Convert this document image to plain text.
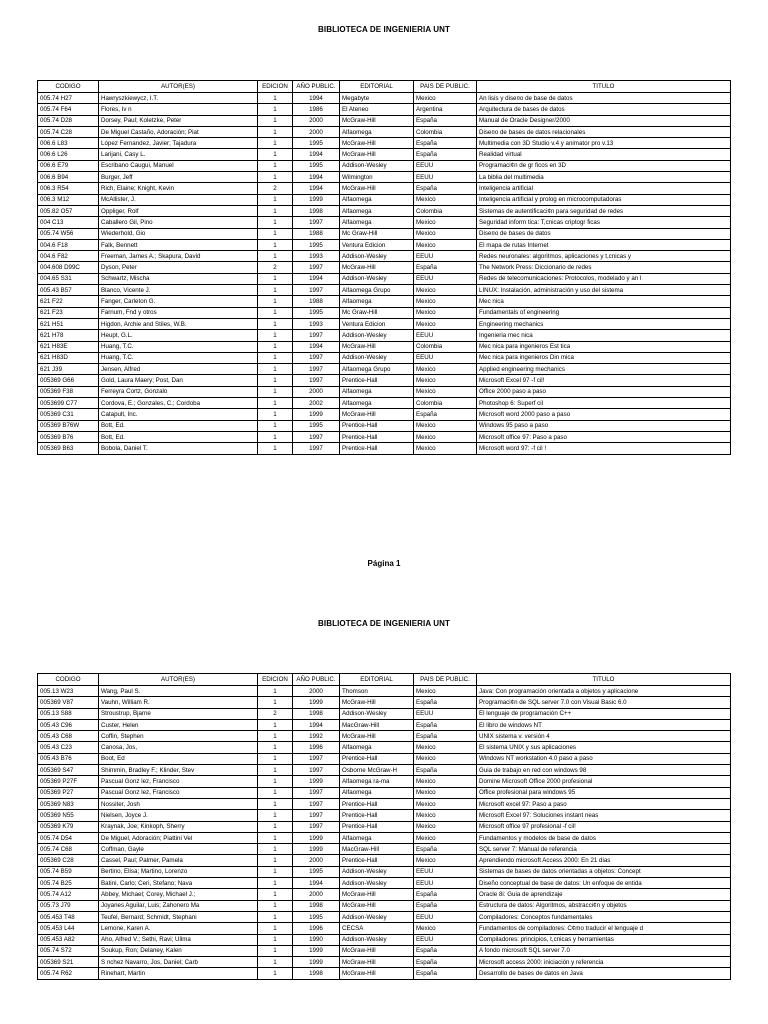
BIBLIOTECA DE INGENIERIA UNT
CODIGO	AUTOR(ES)	EDICION	AÑO PUBLIC.	EDITORIAL	PAIS DE PUBLIC.	TITULO
005.74 H27	Hawryszkiewycz, I.T.	1	1994	Megabyte	Mexico	An lisis y dise¤o de base de datos
005.74 F64	Flores, Iv n	1	1986	El Ateneo	Argentina	Arquitectura de bases de datos
005.74 D28	Dorsey, Paul; Koletzke, Peter	1	2000	McGraw-Hill	España	Manual de Oracle Designer/2000
005.74 C28	De Miguel Castaño, Adoración; Piat	1	2000	Alfaomega	Colombia	Dise¤o de bases de datos relacionales
006.6 L83	López Fernandez, Javier; Tajadura	1	1995	McGraw-Hill	España	Multimedia con 3D Studio v.4 y animator pro v.13
006.6 L26	Larijani, Casy L.	1	1994	McGraw-Hill	España	Realidad virtual
006.6 E79	Escribano Caugui, Manuel	1	1995	Addison-Wesley	EEUU	Programaci¢n de gr ficos en 3D
006.6 B94	Burger, Jeff	1	1994	Wilmington	EEUU	La biblia del multimedia
006.3 R54	Rich, Elaine; Knight, Kevin	2	1994	McGraw-Hill	España	Inteligencia artificial
006.3 M12	McAllister, J.	1	1999	Alfaomega	Mexico	Inteligencia artificial y prolog en microcomputadoras
005.82 O57	Oppliger, Rolf	1	1998	Alfaomega	Colombia	Sistemas de autentificaci¢n para seguridad de redes
004 C13	Caballero Gil, Pino	1	1997	Alfaomega	Mexico	Seguridad inform tica: T,cnicas criptogr ficas
005.74 W56	Wiederhold, Gio	1	1988	Mc Graw-Hill	Mexico	Dise¤o de bases de datos
004.6 F18	Falk, Bennett	1	1995	Ventura Edicion	Mexico	El mapa de rutas Internet
004.6 F82	Freeman, James A.; Skapura, David	1	1993	Addison-Wesley	EEUU	Redes neuronales: algoritmos, aplicaciones y t,cnicas y
004.608 D99C	Dyson, Peter	2	1997	McGraw-Hill	España	The Network Press: Diccionario de redes
004.65 S31	Schwartz, Mischa	1	1994	Addison-Wesley	EEUU	Redes de telecomunicaciones: Protocolos, modelado y an l
005.43 B57	Blanco, Vicente J.	1	1997	Alfaomega Grupo	Mexico	LINUX: Instalación, administración y uso del sistema
621 F22	Fanger, Carleton G.	1	1988	Alfaomega	Mexico	Mec nica
621 F23	Farnum, Fnd y otros	1	1995	Mc Graw-Hill	Mexico	Fundamentals of engineering
621 H51	Higdon, Archie and Stiles, W.B.	1	1993	Ventura Edicion	Mexico	Engineering mechanics
621 H78	Heupt, G.L.	1	1997	Addison-Wesley	EEUU	Ingenieria mec nica
621 H83E	Huang, T.C.	1	1994	McGraw-Hill	Colombia	Mec nica para ingenieros Est tica
621 H83D	Huang, T.C.	1	1997	Addison-Wesley	EEUU	Mec nica para ingenieros Din mica
621 J39	Jensen, Alfred	1	1997	Alfaomega Grupo	Mexico	Applied engineering mechanics
005369 G66	Gold, Laura Maery; Post, Dan	1	1997	Prentice-Hall	Mexico	Microsoft Excel 97 -f cil!
005369 F38	Ferreyra Cortz, Gonzalo	1	2000	Alfaomega	Mexico	Office 2000 paso a paso
0053699 C77	Cordova, E.; Gonzales, C.; Cordoba	1	2002	Alfaomega	Colombia	Photoshop 6: Superf cil
005369 C31	Catapult, Inc.	1	1999	McGraw-Hill	España	Microsoft word 2000 paso a paso
005369 B76W	Bott, Ed.	1	1995	Prentice-Hall	Mexico	Windows 95 paso a paso
005369 B76	Bott, Ed.	1	1997	Prentice-Hall	Mexico	Microsoft office 97: Paso a paso
005369 B63	Bobola, Daniel T.	1	1997	Prentice-Hall	Mexico	Microsoft word 97: -f cil !
Página 1
BIBLIOTECA DE INGENIERIA UNT
CODIGO	AUTOR(ES)	EDICION	AÑO PUBLIC.	EDITORIAL	PAIS DE PUBLIC.	TITULO
005.13 W23	Wang, Paul S.	1	2000	Thomson	Mexico	Java: Con programación orientada a objetos y aplicacione
005369 V87	Vauhn, William R.	1	1999	McGraw-Hill	España	Programaci¢n de SQL server 7.0 con Visual Basic 6.0
005.13 S88	Stroustrup, Bjarne	2	1998	Addison-Wesley	EEUU	El lenguaje de programación C++
005.43 C96	Custer, Helen	1	1994	MacGraw-Hill	España	El libro de windows NT
005.43 C68	Coffin, Stephen	1	1992	McGraw-Hill	España	UNIX sistema v. versión 4
005.43 C23	Canosa, Jos,	1	1996	Alfaomega	Mexico	El sistema UNIX y sus aplicaciones
005.43 B76	Boot, Ed	1	1997	Prentice-Hall	Mexico	Windows NT workstation 4.0 paso a paso
005369 S47	Shimmin, Bradley F.; Klinder, Stev	1	1997	Osborne McGraw-H	España	Guia de trabajo en red con windows 98
005369 P27F	Pascual Gonz lez, Francisco	1	1999	Alfaomega ra-ma	Mexico	Domine Microsoft Office 2000 profesional
005369 P27	Pascual Gonz lez, Francisco	1	1997	Alfaomega	Mexico	Office profesional para windows 95
005369 N83	Nossiter, Josh	1	1997	Prentice-Hall	Mexico	Microsoft excel 97: Paso a paso
005369 N55	Nielsen, Joyce J.	1	1997	Prentice-Hall	Mexico	Microsoft Excel 97: Soluciones instant neas
005369 K79	Kraynak, Joe; Kinkoph, Sherry	1	1997	Prentice-Hall	Mexico	Microsoft office 97 profesional -f cil!
005.74 D54	De Miguel, Adoración; Piattini Vel	1	1999	Alfaomega	Mexico	Fundamentos y modelos de base de datos
005.74 C68	Coffman, Gayle	1	1999	MacGraw-Hill	España	SQL server 7: Manual de referencia
005369 C28	Cassel, Paul; Palmer, Pamela	1	2000	Prentice-Hall	Mexico	Aprendiendo microsoft Access 2000: En 21 dias
005.74 B59	Bertino, Elisa; Martino, Lorenzo	1	1995	Addison-Wesley	EEUU	Sistemas de bases de datos orientadas a objetos: Concept
005.74 B25	Batini, Carlo; Ceri, Stefano; Nava	1	1994	Addison-Wesley	EEUU	Diseño conceptual de base de datos: Un enfoque de entida
005.74 A12	Abbey, Michael; Corey, Michael J.;	1	2000	McGraw-Hill	España	Oracle 8i: Guia de aprendizaje
005.73 J79	Joyanes Aguilar, Luis; Zahonero Ma	1	1998	McGraw-Hill	España	Estructura de datos: Algoritmos, abstracci¢n y objetos
005.453 T48	Teufel, Bernard; Schmidt, Stephani	1	1995	Addison-Wesley	EEUU	Compiladores: Conceptos fundamentales
005.453 L44	Lemone, Karen A.	1	1996	CECSA	Mexico	Fundamentos de compiladores: C¢mo traducir el lenguaje d
005.453 A82	Aho, Alfred V.; Sethi, Ravi; Ullma	1	1990	Addison-Wesley	EEUU	Compiladores: principios, t,cnicas y herramientas
005.74 S72	Soukup, Ron; Delaney, Kalen	1	1999	McGraw-Hill	España	A fondo microsoft SQL server 7.0
005369 S21	S nchez Navarro, Jos, Daniel; Carb	1	1999	McGraw-Hill	España	Microsoft access 2000: iniciación y referencia
005.74 R62	Rinehart, Martin	1	1998	McGraw-Hill	España	Desarrollo de bases de datos en Java
